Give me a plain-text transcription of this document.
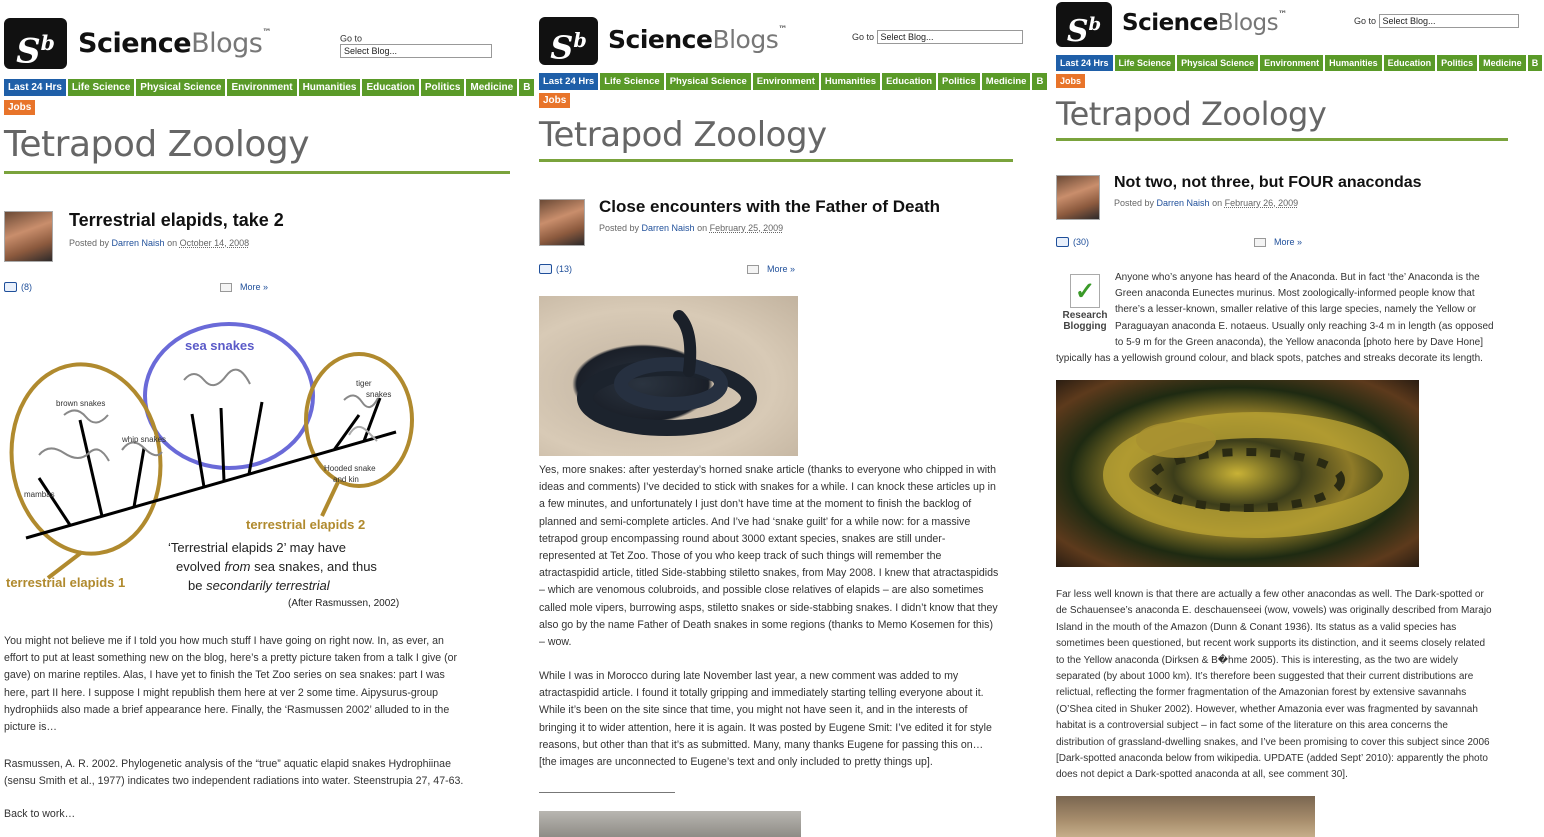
$S^b$ ScienceBlogs™
Go to Select Blog...
Last 24 Hrs	Life Science	Physical Science	Environment	Humanities	Education	Politics	Medicine	B
Jobs
Tetrapod Zoology
Terrestrial elapids, take 2
Posted by Darren Naish on October 14, 2008
(8)	More »
sea snakes
brown snakes
whip snakes
mambas
tiger
snakes
Hooded snake
and kin
terrestrial elapids 1
terrestrial elapids 2
‘Terrestrial elapids 2’ may have
evolved from sea snakes, and thus
be secondarily terrestrial
(After Rasmussen, 2002)
You might not believe me if I told you how much stuff I have going on right now. In, as ever, an
effort to put at least something new on the blog, here’s a pretty picture taken from a talk I give (or
gave) on marine reptiles. Alas, I have yet to finish the Tet Zoo series on sea snakes: part I was
here, part II here. I suppose I might republish them here at ver 2 some time. Aipysurus-group
hydrophiids also made a brief appearance here. Finally, the ‘Rasmussen 2002’ alluded to in the
picture is…
Rasmussen, A. R. 2002. Phylogenetic analysis of the “true” aquatic elapid snakes Hydrophiinae
(sensu Smith et al., 1977) indicates two independent radiations into water. Steenstrupia 27, 47-63.
Back to work…
$S^b$ ScienceBlogs™
Go to Select Blog...
Last 24 Hrs	Life Science	Physical Science	Environment	Humanities	Education	Politics	Medicine	B
Jobs
Tetrapod Zoology
Close encounters with the Father of Death
Posted by Darren Naish on February 25, 2009
(13)	More »
Yes, more snakes: after yesterday’s horned snake article (thanks to everyone who chipped in with
ideas and comments) I’ve decided to stick with snakes for a while. I can knock these articles up in
a few minutes, and unfortunately I just don’t have time at the moment to finish the backlog of
planned and semi-complete articles. And I’ve had ‘snake guilt’ for a while now: for a massive
tetrapod group encompassing round about 3000 extant species, snakes are still under-
represented at Tet Zoo. Those of you who keep track of such things will remember the
atractaspidid article, titled Side-stabbing stiletto snakes, from May 2008. I knew that atractaspidids
– which are venomous colubroids, and possible close relatives of elapids – are also sometimes
called mole vipers, burrowing asps, stiletto snakes or side-stabbing snakes. I didn’t know that they
also go by the name Father of Death snakes in some regions (thanks to Memo Kosemen for this)
– wow.
While I was in Morocco during late November last year, a new comment was added to my
atractaspidid article. I found it totally gripping and immediately starting telling everyone about it.
While it’s been on the site since that time, you might not have seen it, and in the interests of
bringing it to wider attention, here it is again. It was posted by Eugene Smit: I’ve edited it for style
reasons, but other than that it’s as submitted. Many, many thanks Eugene for passing this on…
[the images are unconnected to Eugene’s text and only included to pretty things up].
$S^b$ ScienceBlogs™
Go to Select Blog...
Last 24 Hrs	Life Science	Physical Science	Environment	Humanities	Education	Politics	Medicine	B
Jobs
Tetrapod Zoology
Not two, not three, but FOUR anacondas
Posted by Darren Naish on February 26, 2009
(30)	More »
✓
Research
Blogging
Anyone who’s anyone has heard of the Anaconda. But in fact ‘the’ Anaconda is the
Green anaconda Eunectes murinus. Most zoologically-informed people know that
there’s a lesser-known, smaller relative of this large species, namely the Yellow or
Paraguayan anaconda E. notaeus. Usually only reaching 3-4 m in length (as opposed
to 5-9 m for the Green anaconda), the Yellow anaconda [photo here by Dave Hone]
typically has a yellowish ground colour, and black spots, patches and streaks decorate its length.
Far less well known is that there are actually a few other anacondas as well. The Dark-spotted or
de Schauensee’s anaconda E. deschauenseei (wow, vowels) was originally described from Marajo
Island in the mouth of the Amazon (Dunn & Conant 1936). Its status as a valid species has
sometimes been questioned, but recent work supports its distinction, and it seems closely related
to the Yellow anaconda (Dirksen & B�hme 2005). This is interesting, as the two are widely
separated (by about 1000 km). It’s therefore been suggested that their current distributions are
relictual, reflecting the former fragmentation of the Amazonian forest by extensive savannahs
(O’Shea cited in Shuker 2002). However, whether Amazonia ever was fragmented by savannah
habitat is a controversial subject – in fact some of the literature on this area concerns the
distribution of grassland-dwelling snakes, and I’ve been promising to cover this subject since 2006
[Dark-spotted anaconda below from wikipedia. UPDATE (added Sept’ 2010): apparently the photo
does not depict a Dark-spotted anaconda at all, see comment 30].
